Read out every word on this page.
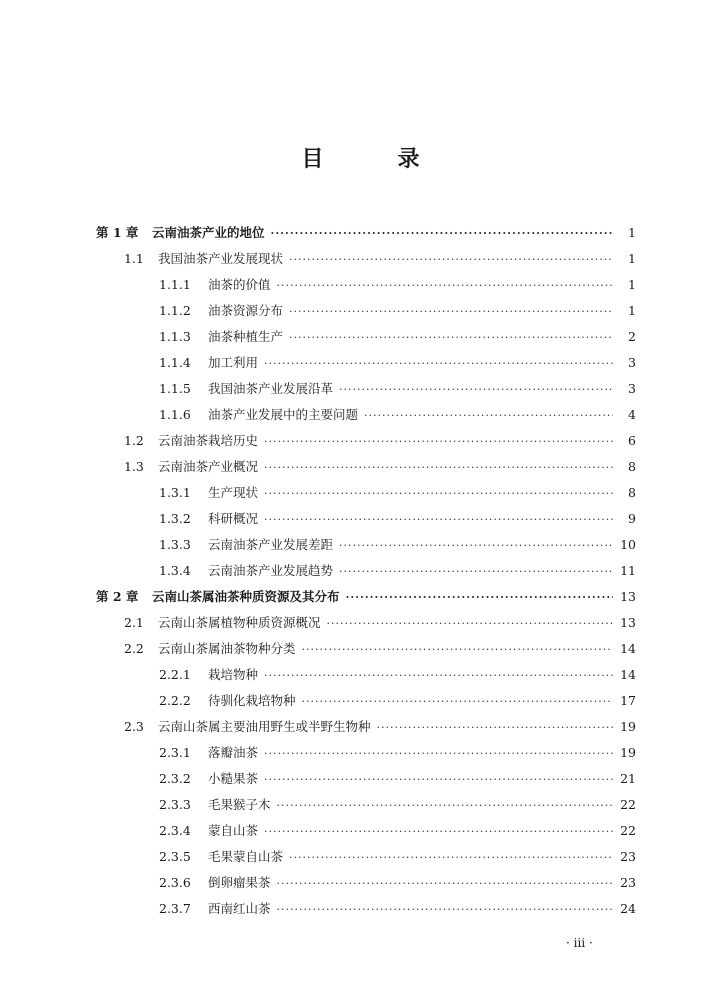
目　录
第 1 章	云南油茶产业的地位 ·····	1
1.1	我国油茶产业发展现状 ·····	1
1.1.1	油茶的价值 ·····	1
1.1.2	油茶资源分布 ·····	1
1.1.3	油茶种植生产 ·····	2
1.1.4	加工利用 ·····	3
1.1.5	我国油茶产业发展沿革 ·····	3
1.1.6	油茶产业发展中的主要问题 ·····	4
1.2	云南油茶栽培历史 ·····	6
1.3	云南油茶产业概况 ·····	8
1.3.1	生产现状 ·····	8
1.3.2	科研概况 ·····	9
1.3.3	云南油茶产业发展差距 ·····	10
1.3.4	云南油茶产业发展趋势 ·····	11
第 2 章	云南山茶属油茶种质资源及其分布 ·····	13
2.1	云南山茶属植物种质资源概况 ·····	13
2.2	云南山茶属油茶物种分类 ·····	14
2.2.1	栽培物种 ·····	14
2.2.2	待驯化栽培物种 ·····	17
2.3	云南山茶属主要油用野生或半野生物种 ·····	19
2.3.1	落瓣油茶 ·····	19
2.3.2	小糙果茶 ·····	21
2.3.3	毛果猴子木 ·····	22
2.3.4	蒙自山茶 ·····	22
2.3.5	毛果蒙自山茶 ·····	23
2.3.6	倒卵瘤果茶 ·····	23
2.3.7	西南红山茶 ·····	24
· ⅲ ·
